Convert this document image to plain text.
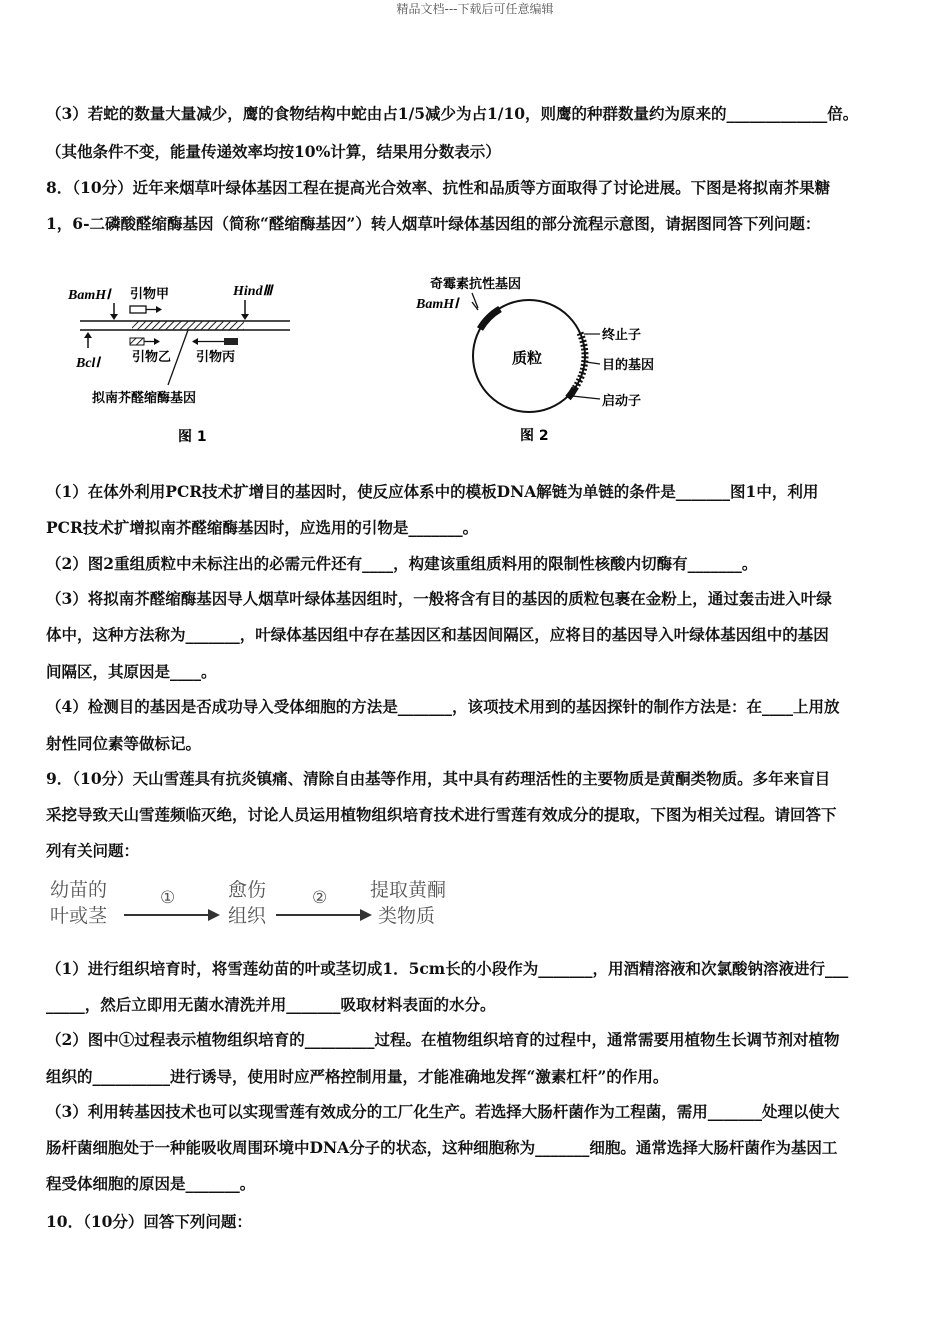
精品文档---下载后可任意编辑
（3）若蛇的数量大量减少，鹰的食物结构中蛇由占1/5减少为占1/10，则鹰的种群数量约为原来的_____________倍。
（其他条件不变，能量传递效率均按10%计算，结果用分数表示）
8．（10分）近年来烟草叶绿体基因工程在提高光合效率、抗性和品质等方面取得了讨论进展。下图是将拟南芥果糖
1，6-二磷酸醛缩酶基因（简称“醛缩酶基因”）转人烟草叶绿体基因组的部分流程示意图，请据图同答下列问题：
BamHⅠ 引物甲	HindⅢ
BclⅠ 引物乙 引物丙
拟南芥醛缩酶基因
图 1
奇霉素抗性基因
BamHⅠ
质粒
终止子
目的基因
启动子
图 2
（1）在体外利用PCR技术扩增目的基因时，使反应体系中的模板DNA解链为单链的条件是_______图1中，利用
PCR技术扩增拟南芥醛缩酶基因时，应选用的引物是_______。
（2）图2重组质粒中未标注出的必需元件还有____，构建该重组质料用的限制性核酸内切酶有_______。
（3）将拟南芥醛缩酶基因导人烟草叶绿体基因组时，一般将含有目的基因的质粒包裹在金粉上，通过轰击进入叶绿
体中，这种方法称为_______，叶绿体基因组中存在基因区和基因间隔区，应将目的基因导入叶绿体基因组中的基因
间隔区，其原因是____。
（4）检测目的基因是否成功导入受体细胞的方法是_______，该项技术用到的基因探针的制作方法是：在____上用放
射性同位素等做标记。
9．（10分）天山雪莲具有抗炎镇痛、清除自由基等作用，其中具有药理活性的主要物质是黄酮类物质。多年来盲目
采挖导致天山雪莲频临灭绝，讨论人员运用植物组织培育技术进行雪莲有效成分的提取，下图为相关过程。请回答下
列有关问题：
幼苗的
叶或茎
①	愈伤
组织
② 提取黄酮
类物质
（1）进行组织培育时，将雪莲幼苗的叶或茎切成1．5cm长的小段作为_______，用酒精溶液和次氯酸钠溶液进行___
_____，然后立即用无菌水清洗并用_______吸取材料表面的水分。
（2）图中①过程表示植物组织培育的_________过程。在植物组织培育的过程中，通常需要用植物生长调节剂对植物
组织的__________进行诱导，使用时应严格控制用量，才能准确地发挥“激素杠杆”的作用。
（3）利用转基因技术也可以实现雪莲有效成分的工厂化生产。若选择大肠杆菌作为工程菌，需用_______处理以使大
肠杆菌细胞处于一种能吸收周围环境中DNA分子的状态，这种细胞称为_______细胞。通常选择大肠杆菌作为基因工
程受体细胞的原因是_______。
10．（10分）回答下列问题：
